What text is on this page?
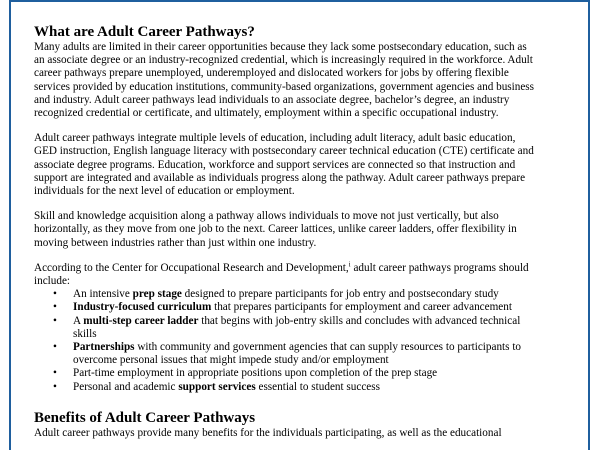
What are Adult Career Pathways?

Many adults are limited in their career opportunities because they lack some postsecondary education, such as
an associate degree or an industry-recognized credential, which is increasingly required in the workforce. Adult
career pathways prepare unemployed, underemployed and dislocated workers for jobs by offering flexible
services provided by education institutions, community-based organizations, government agencies and business
and industry. Adult career pathways lead individuals to an associate degree, bachelor’s degree, an industry
recognized credential or certificate, and ultimately, employment within a specific occupational industry.

Adult career pathways integrate multiple levels of education, including adult literacy, adult basic education,
GED instruction, English language literacy with postsecondary career technical education (CTE) certificate and
associate degree programs. Education, workforce and support services are connected so that instruction and
support are integrated and available as individuals progress along the pathway. Adult career pathways prepare
individuals for the next level of education or employment.

Skill and knowledge acquisition along a pathway allows individuals to move not just vertically, but also
horizontally, as they move from one job to the next. Career lattices, unlike career ladders, offer flexibility in
moving between industries rather than just within one industry.

According to the Center for Occupational Research and Development,$^i$ adult career pathways programs should
include:

• An intensive prep stage designed to prepare participants for job entry and postsecondary study
• Industry-focused curriculum that prepares participants for employment and career advancement
• A multi-step career ladder that begins with job-entry skills and concludes with advanced technical
skills
• Partnerships with community and government agencies that can supply resources to participants to
overcome personal issues that might impede study and/or employment
• Part-time employment in appropriate positions upon completion of the prep stage
• Personal and academic support services essential to student success
Benefits of Adult Career Pathways

Adult career pathways provide many benefits for the individuals participating, as well as the educational
